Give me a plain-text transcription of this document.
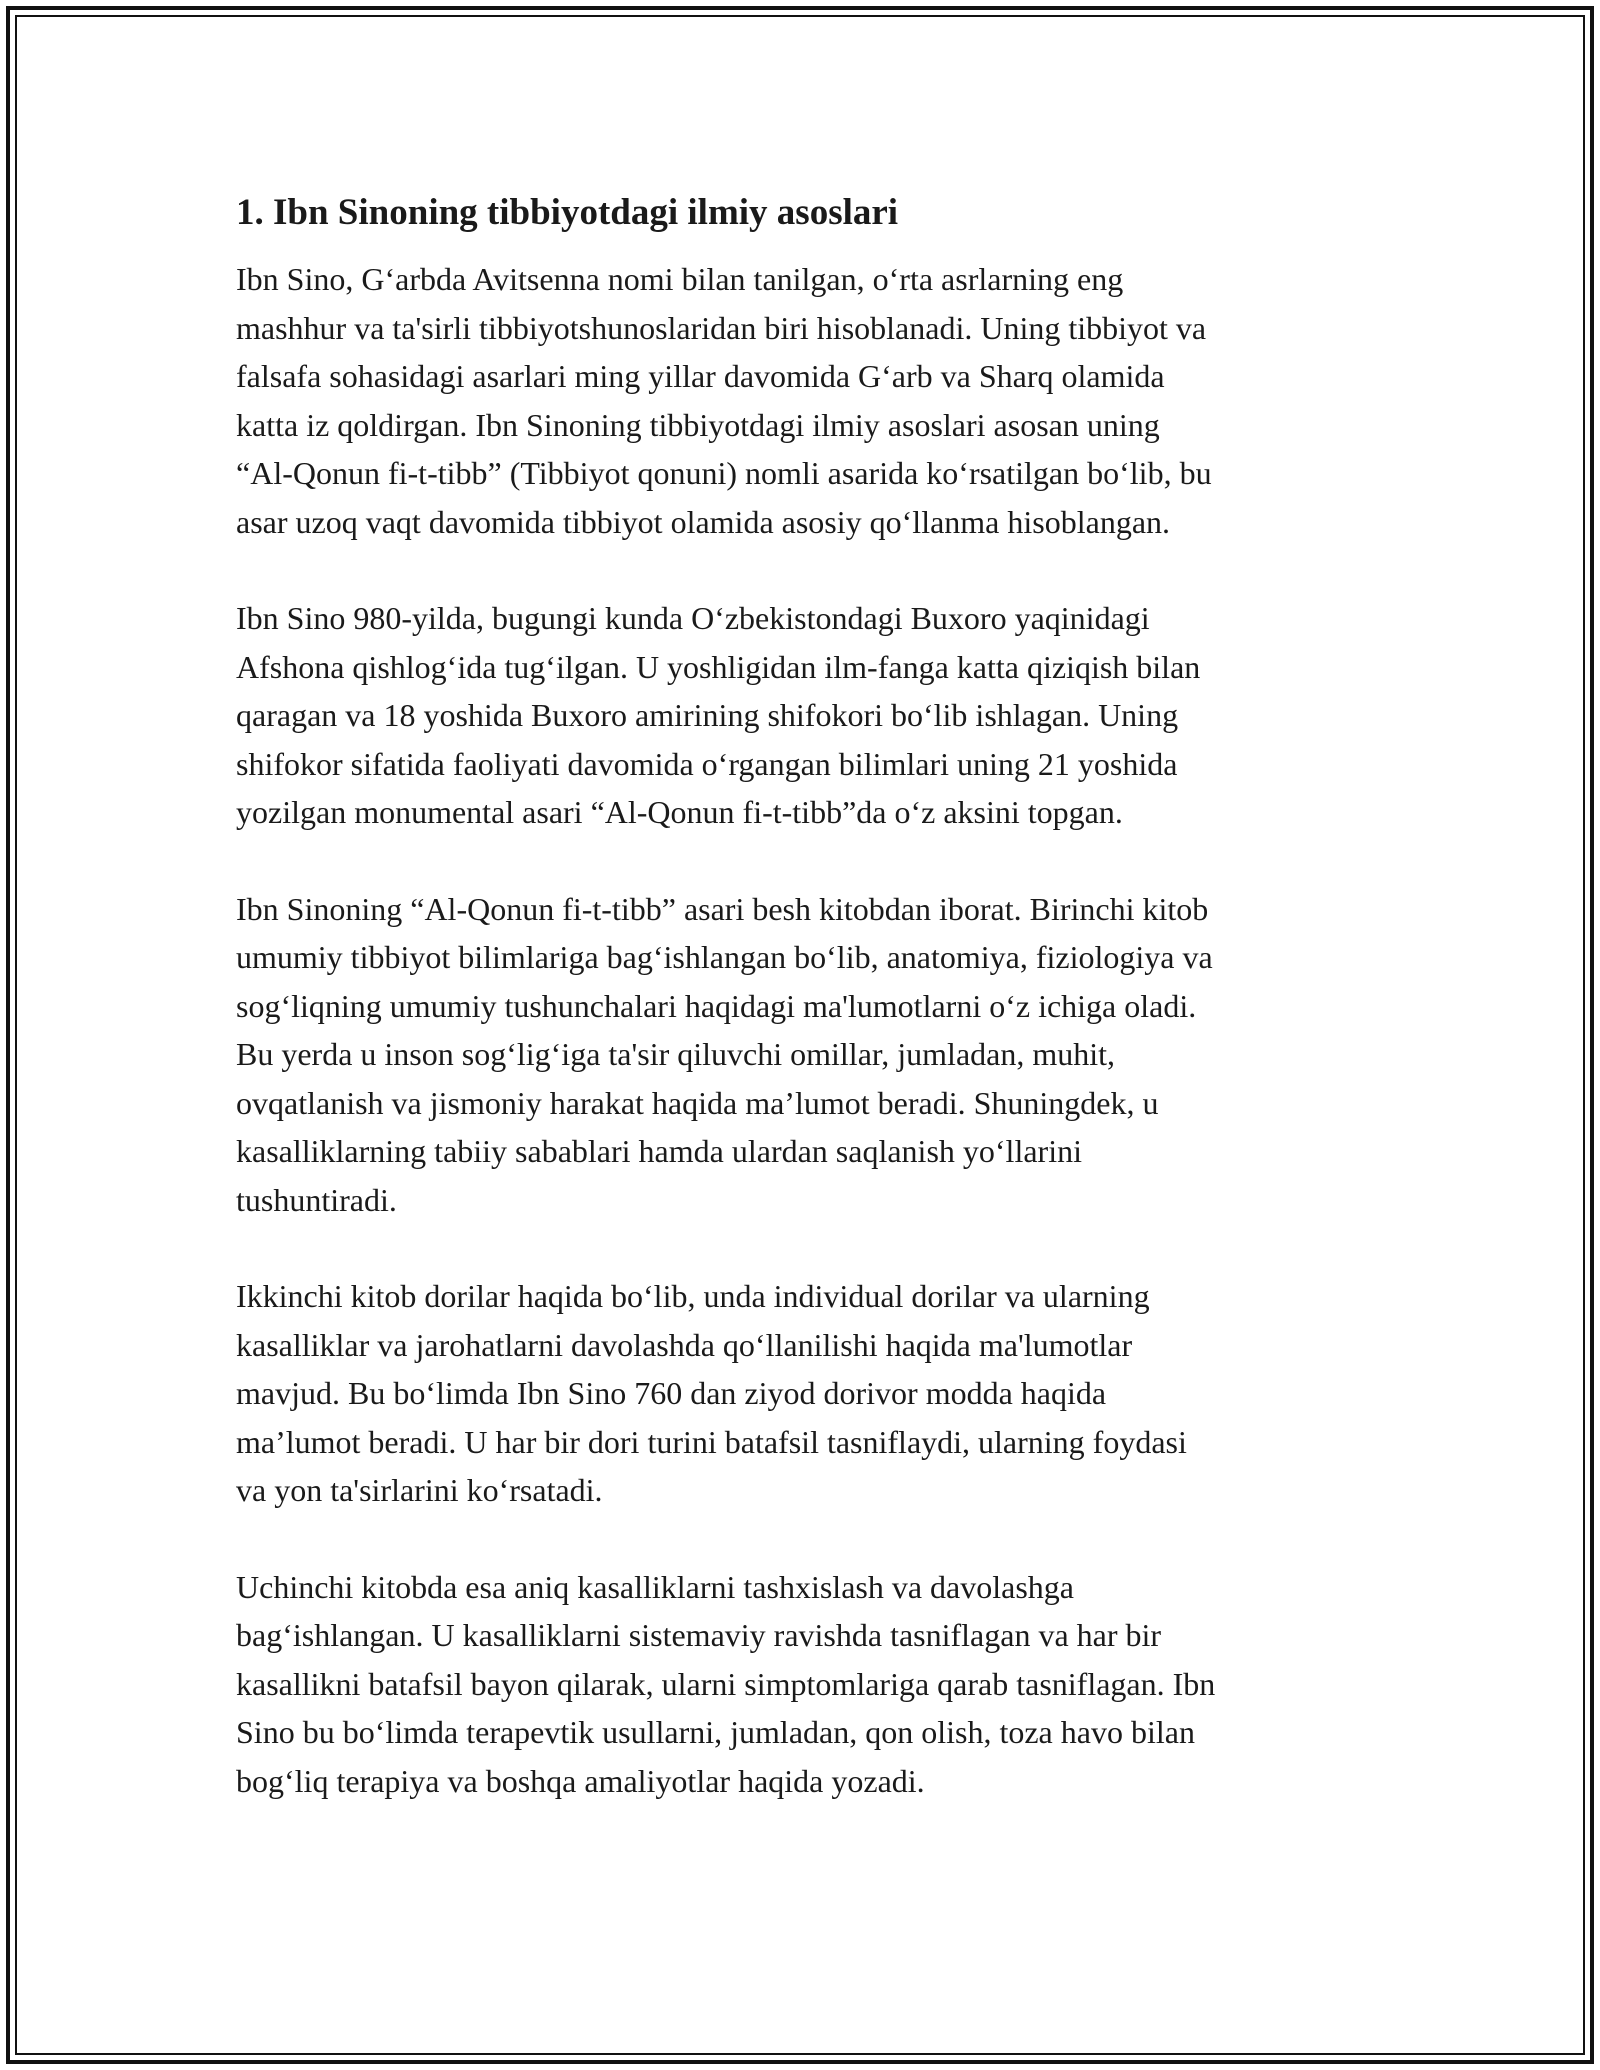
1. Ibn Sinoning tibbiyotdagi ilmiy asoslari
Ibn Sino, G‘arbda Avitsenna nomi bilan tanilgan, o‘rta asrlarning eng
mashhur va ta'sirli tibbiyotshunoslaridan biri hisoblanadi. Uning tibbiyot va
falsafa sohasidagi asarlari ming yillar davomida G‘arb va Sharq olamida
katta iz qoldirgan. Ibn Sinoning tibbiyotdagi ilmiy asoslari asosan uning
“Al-Qonun fi-t-tibb” (Tibbiyot qonuni) nomli asarida ko‘rsatilgan bo‘lib, bu
asar uzoq vaqt davomida tibbiyot olamida asosiy qo‘llanma hisoblangan.
Ibn Sino 980-yilda, bugungi kunda O‘zbekistondagi Buxoro yaqinidagi
Afshona qishlog‘ida tug‘ilgan. U yoshligidan ilm-fanga katta qiziqish bilan
qaragan va 18 yoshida Buxoro amirining shifokori bo‘lib ishlagan. Uning
shifokor sifatida faoliyati davomida o‘rgangan bilimlari uning 21 yoshida
yozilgan monumental asari “Al-Qonun fi-t-tibb”da o‘z aksini topgan.
Ibn Sinoning “Al-Qonun fi-t-tibb” asari besh kitobdan iborat. Birinchi kitob
umumiy tibbiyot bilimlariga bag‘ishlangan bo‘lib, anatomiya, fiziologiya va
sog‘liqning umumiy tushunchalari haqidagi ma'lumotlarni o‘z ichiga oladi.
Bu yerda u inson sog‘lig‘iga ta'sir qiluvchi omillar, jumladan, muhit,
ovqatlanish va jismoniy harakat haqida ma’lumot beradi. Shuningdek, u
kasalliklarning tabiiy sabablari hamda ulardan saqlanish yo‘llarini
tushuntiradi.
Ikkinchi kitob dorilar haqida bo‘lib, unda individual dorilar va ularning
kasalliklar va jarohatlarni davolashda qo‘llanilishi haqida ma'lumotlar
mavjud. Bu bo‘limda Ibn Sino 760 dan ziyod dorivor modda haqida
ma’lumot beradi. U har bir dori turini batafsil tasniflaydi, ularning foydasi
va yon ta'sirlarini ko‘rsatadi.
Uchinchi kitobda esa aniq kasalliklarni tashxislash va davolashga
bag‘ishlangan. U kasalliklarni sistemaviy ravishda tasniflagan va har bir
kasallikni batafsil bayon qilarak, ularni simptomlariga qarab tasniflagan. Ibn
Sino bu bo‘limda terapevtik usullarni, jumladan, qon olish, toza havo bilan
bog‘liq terapiya va boshqa amaliyotlar haqida yozadi.
